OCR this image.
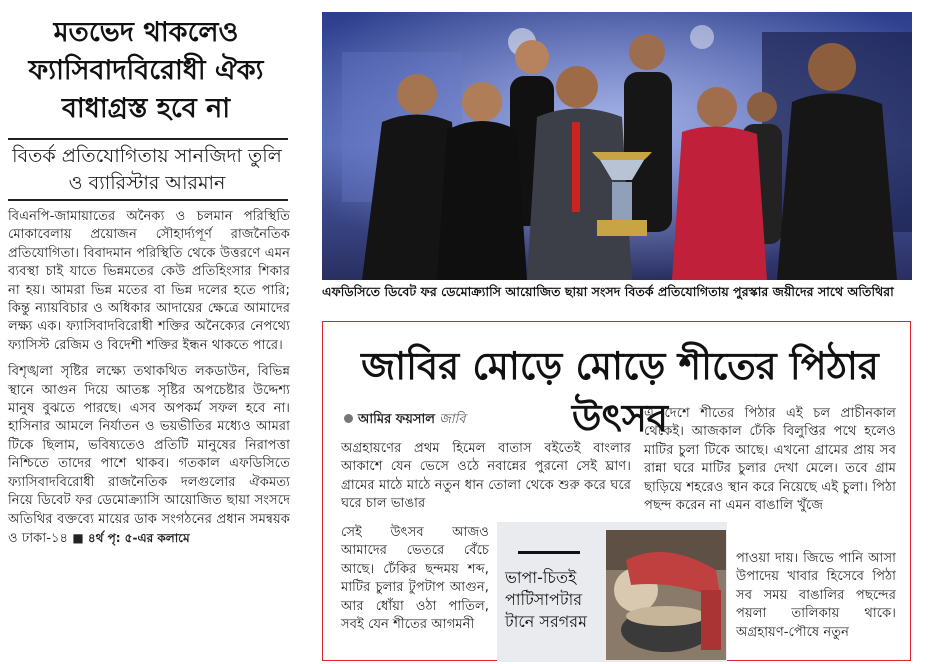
মতভেদ থাকলেও ফ্যাসিবাদবিরোধী ঐক্য বাধাগ্রস্ত হবে না
বিতর্ক প্রতিযোগিতায় সানজিদা তুলি ও ব্যারিস্টার আরমান

বিএনপি-জামায়াতের অনৈক্য ও চলমান পরিস্থিতি মোকাবেলায় প্রয়োজন সৌহার্দ্যপূর্ণ রাজনৈতিক প্রতিযোগিতা। বিবাদমান পরিস্থিতি থেকে উত্তরণে এমন ব্যবস্থা চাই যাতে ভিন্নমতের কেউ প্রতিহিংসার শিকার না হয়। আমরা ভিন্ন মতের বা ভিন্ন দলের হতে পারি; কিন্তু ন্যায়বিচার ও অধিকার আদায়ের ক্ষেত্রে আমাদের লক্ষ্য এক। ফ্যাসিবাদবিরোধী শক্তির অনৈক্যের নেপথ্যে ফ্যাসিস্ট রেজিম ও বিদেশী শক্তির ইন্ধন থাকতে পারে।

বিশৃঙ্খলা সৃষ্টির লক্ষ্যে তথাকথিত লকডাউন, বিভিন্ন স্থানে আগুন দিয়ে আতঙ্ক সৃষ্টির অপচেষ্টার উদ্দেশ্য মানুষ বুঝতে পারছে। এসব অপকর্ম সফল হবে না। হাসিনার আমলে নির্যাতন ও ভয়ভীতির মধ্যেও আমরা টিকে ছিলাম, ভবিষ্যতেও প্রতিটি মানুষের নিরাপত্তা নিশ্চিতে তাদের পাশে থাকব। গতকাল এফডিসিতে ফ্যাসিবাদবিরোধী রাজনৈতিক দলগুলোর ঐকমত্য নিয়ে ডিবেট ফর ডেমোক্র্যাসি আয়োজিত ছায়া সংসদে অতিথির বক্তব্যে মায়ের ডাক সংগঠনের প্রধান সমন্বয়ক ও ঢাকা-১৪ ■ ৪র্থ পৃ: ৫-এর কলামে

এফডিসিতে ডিবেট ফর ডেমোক্র্যাসি আয়োজিত ছায়া সংসদ বিতর্ক প্রতিযোগিতায় পুরস্কার জয়ীদের সাথে অতিথিরা
জাবির মোড়ে মোড়ে শীতের পিঠার উৎসব
আমির ফয়সাল জাবি
অগ্রহায়ণের প্রথম হিমেল বাতাস বইতেই বাংলার আকাশে যেন ভেসে ওঠে নবান্নের পুরনো সেই ঘ্রাণ। গ্রামের মাঠে মাঠে নতুন ধান তোলা থেকে শুরু করে ঘরে ঘরে চাল ভাঙার
সেই উৎসব আজও আমাদের ভেতরে বেঁচে আছে। ঢেঁকির ছন্দময় শব্দ, মাটির চুলার টুপটাপ আগুন, আর ধোঁয়া ওঠা পাতিল, সবই যেন শীতের আগমনী
এ দেশে শীতের পিঠার এই চল প্রাচীনকাল থেকেই। আজকাল ঢেঁকি বিলুপ্তির পথে হলেও মাটির চুলা টিকে আছে। এখনো গ্রামের প্রায় সব রান্না ঘরে মাটির চুলার দেখা মেলে। তবে গ্রাম ছাড়িয়ে শহরেও স্থান করে নিয়েছে এই চুলা। পিঠা পছন্দ করেন না এমন বাঙালি খুঁজে
পাওয়া দায়। জিভে পানি আসা উপাদেয় খাবার হিসেবে পিঠা সব সময় বাঙালির পছন্দের পয়লা তালিকায় থাকে। অগ্রহায়ণ-পৌষে নতুন
ভাপা-চিতই পাটিসাপটার টানে সরগরম
